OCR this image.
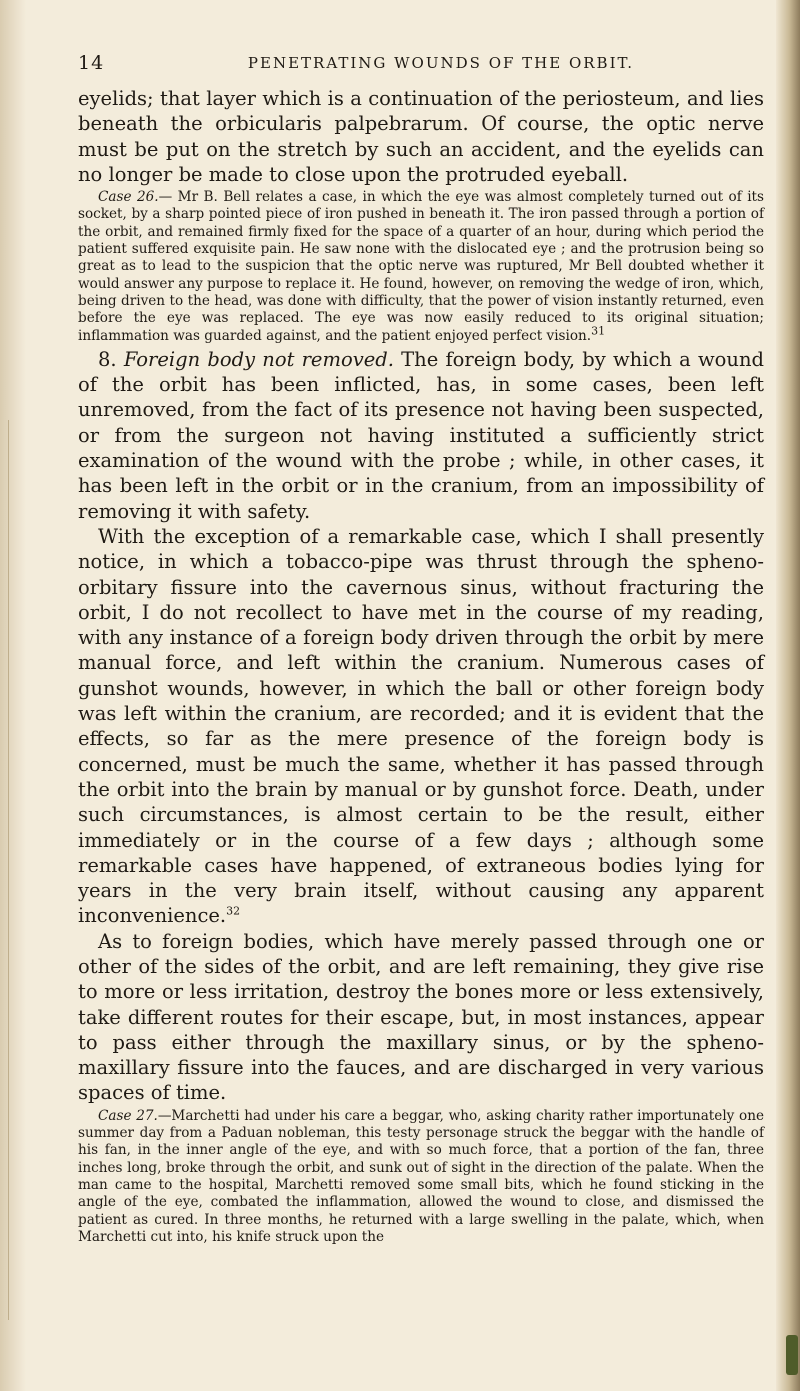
14	PENETRATING WOUNDS OF THE ORBIT.

eyelids; that layer which is a continuation of the periosteum, and lies beneath the orbicularis palpebrarum. Of course, the optic nerve must be put on the stretch by such an accident, and the eyelids can no longer be made to close upon the protruded eyeball.

Case 26.— Mr B. Bell relates a case, in which the eye was almost completely turned out of its socket, by a sharp pointed piece of iron pushed in beneath it. The iron passed through a portion of the orbit, and remained firmly fixed for the space of a quarter of an hour, during which period the patient suffered exquisite pain. He saw none with the dislocated eye ; and the protrusion being so great as to lead to the suspicion that the optic nerve was ruptured, Mr Bell doubted whether it would answer any purpose to replace it. He found, however, on removing the wedge of iron, which, being driven to the head, was done with difficulty, that the power of vision instantly returned, even before the eye was replaced. The eye was now easily reduced to its original situation; inflammation was guarded against, and the patient enjoyed perfect vision.$^{31}$

8. Foreign body not removed. The foreign body, by which a wound of the orbit has been inflicted, has, in some cases, been left unremoved, from the fact of its presence not having been suspected, or from the surgeon not having instituted a sufficiently strict examination of the wound with the probe ; while, in other cases, it has been left in the orbit or in the cranium, from an impossibility of removing it with safety.

With the exception of a remarkable case, which I shall presently notice, in which a tobacco-pipe was thrust through the spheno-orbitary fissure into the cavernous sinus, without fracturing the orbit, I do not recollect to have met in the course of my reading, with any instance of a foreign body driven through the orbit by mere manual force, and left within the cranium. Numerous cases of gunshot wounds, however, in which the ball or other foreign body was left within the cranium, are recorded; and it is evident that the effects, so far as the mere presence of the foreign body is concerned, must be much the same, whether it has passed through the orbit into the brain by manual or by gunshot force. Death, under such circumstances, is almost certain to be the result, either immediately or in the course of a few days ; although some remarkable cases have happened, of extraneous bodies lying for years in the very brain itself, without causing any apparent inconvenience.$^{32}$

As to foreign bodies, which have merely passed through one or other of the sides of the orbit, and are left remaining, they give rise to more or less irritation, destroy the bones more or less extensively, take different routes for their escape, but, in most instances, appear to pass either through the maxillary sinus, or by the spheno-maxillary fissure into the fauces, and are discharged in very various spaces of time.

Case 27.—Marchetti had under his care a beggar, who, asking charity rather importunately one summer day from a Paduan nobleman, this testy personage struck the beggar with the handle of his fan, in the inner angle of the eye, and with so much force, that a portion of the fan, three inches long, broke through the orbit, and sunk out of sight in the direction of the palate. When the man came to the hospital, Marchetti removed some small bits, which he found sticking in the angle of the eye, combated the inflammation, allowed the wound to close, and dismissed the patient as cured. In three months, he returned with a large swelling in the palate, which, when Marchetti cut into, his knife struck upon the
